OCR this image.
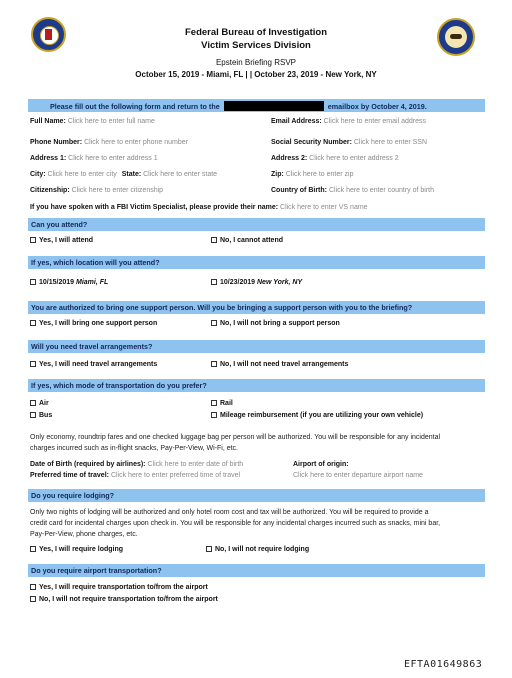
Federal Bureau of Investigation
Victim Services Division
Epstein Briefing RSVP
October 15, 2019 - Miami, FL | | October 23, 2019 - New York, NY
Please fill out the following form and return to the	emailbox by October 4, 2019.
Full Name: Click here to enter full name	Email Address: Click here to enter email address
Phone Number: Click here to enter phone number	Social Security Number: Click here to enter SSN
Address 1: Click here to enter address 1	Address 2: Click here to enter address 2
City: Click here to enter city State: Click here to enter state	Zip: Click here to enter zip
Citizenship: Click here to enter citizenship	Country of Birth: Click here to enter country of birth
If you have spoken with a FBI Victim Specialist, please provide their name: Click here to enter VS name
Can you attend?
Yes, I will attend	No, I cannot attend
If yes, which location will you attend?
10/15/2019 Miami, FL	10/23/2019 New York, NY
You are authorized to bring one support person. Will you be bringing a support person with you to the briefing?
Yes, I will bring one support person	No, I will not bring a support person
Will you need travel arrangements?
Yes, I will need travel arrangements	No, I will not need travel arrangements
If yes, which mode of transportation do you prefer?
Air	Rail
Bus	Mileage reimbursement (if you are utilizing your own vehicle)
Only economy, roundtrip fares and one checked luggage bag per person will be authorized. You will be responsible for any incidental
charges incurred such as in-flight snacks, Pay-Per-View, Wi-Fi, etc.
Date of Birth (required by airlines): Click here to enter date of birth	Airport of origin:
Preferred time of travel: Click here to enter preferred time of travel	Click here to enter departure airport name
Do you require lodging?
Only two nights of lodging will be authorized and only hotel room cost and tax will be authorized. You will be required to provide a
credit card for incidental charges upon check in. You will be responsible for any incidental charges incurred such as snacks, mini bar,
Pay-Per-View, phone charges, etc.
Yes, I will require lodging	No, I will not require lodging
Do you require airport transportation?
Yes, I will require transportation to/from the airport
No, I will not require transportation to/from the airport
EFTA01649863
